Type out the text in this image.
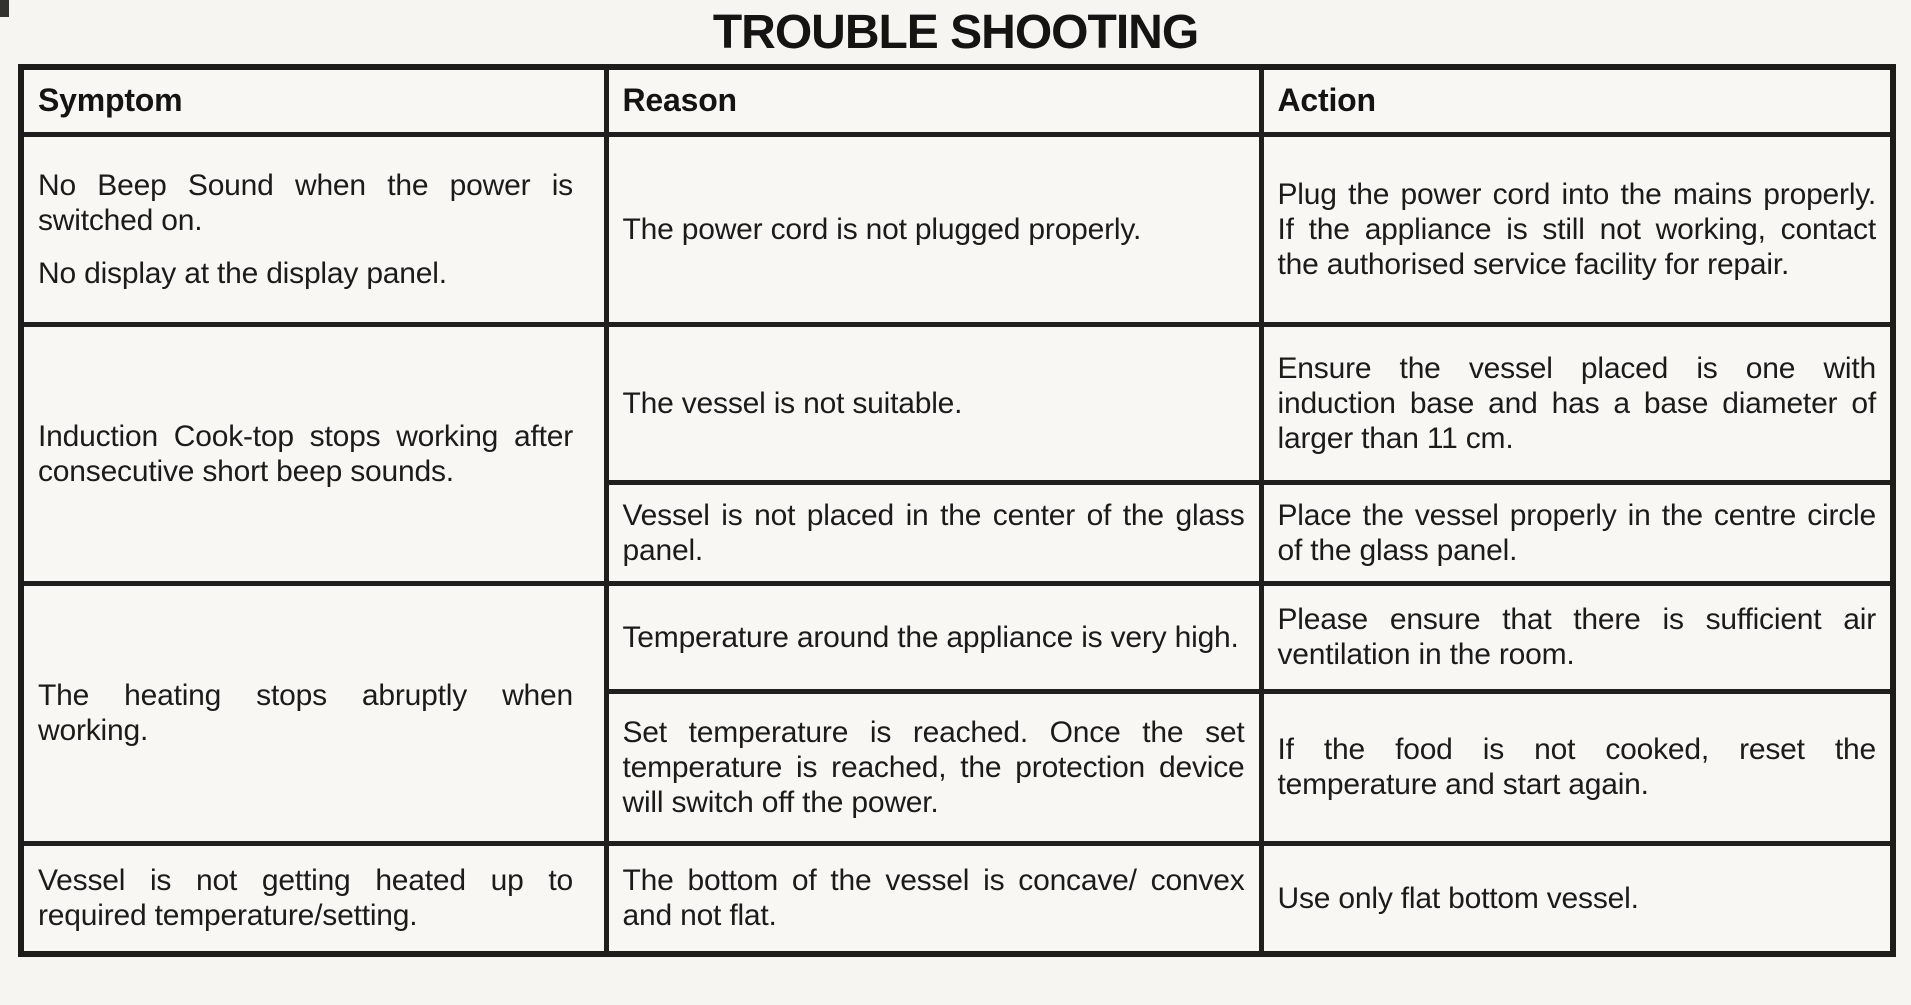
TROUBLE SHOOTING
Symptom	Reason	Action

No Beep Sound when the power is switched on.
No display at the display panel.	The power cord is not plugged properly.	Plug the power cord into the mains properly. If the appliance is still not working, contact the authorised service facility for repair.

Induction Cook-top stops working after consecutive short beep sounds.	The vessel is not suitable.	Ensure the vessel placed is one with induction base and has a base diameter of larger than 11 cm.
	Vessel is not placed in the center of the glass panel.	Place the vessel properly in the centre circle of the glass panel.

The heating stops abruptly when working.	Temperature around the appliance is very high.	Please ensure that there is sufficient air ventilation in the room.
	Set temperature is reached. Once the set temperature is reached, the protection device will switch off the power.	If the food is not cooked, reset the temperature and start again.

Vessel is not getting heated up to required temperature/setting.	The bottom of the vessel is concave/ convex and not flat.	Use only flat bottom vessel.
